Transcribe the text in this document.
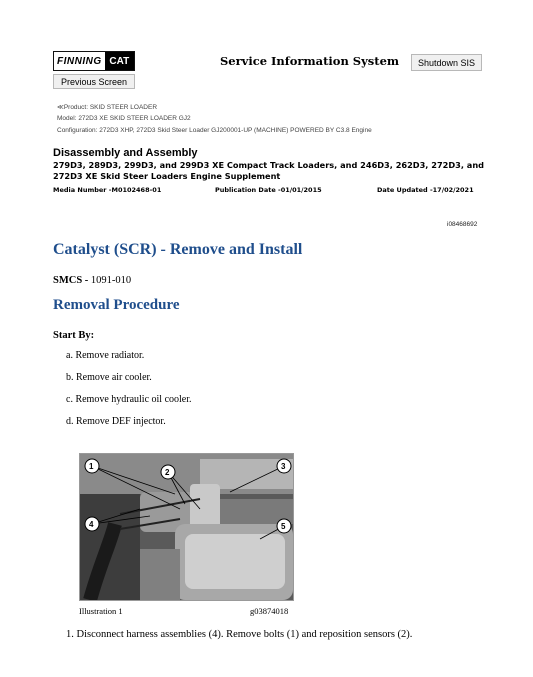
FINNING CAT	Service Information System	Shutdown SIS
Previous Screen
≪Product: SKID STEER LOADER
Model: 272D3 XE SKID STEER LOADER GJ2
Configuration: 272D3 XHP, 272D3 Skid Steer Loader GJ200001-UP (MACHINE) POWERED BY C3.8 Engine
Disassembly and Assembly
279D3, 289D3, 299D3, and 299D3 XE Compact Track Loaders, and 246D3, 262D3, 272D3, and 272D3 XE Skid Steer Loaders Engine Supplement
Media Number -M0102468-01	Publication Date -01/01/2015	Date Updated -17/02/2021
i08468692
Catalyst (SCR) - Remove and Install
SMCS - 1091-010
Removal Procedure
Start By:
a. Remove radiator.
b. Remove air cooler.
c. Remove hydraulic oil cooler.
d. Remove DEF injector.
1
2
3
4	5
Illustration 1	g03874018
1. Disconnect harness assemblies (4). Remove bolts (1) and reposition sensors (2).
